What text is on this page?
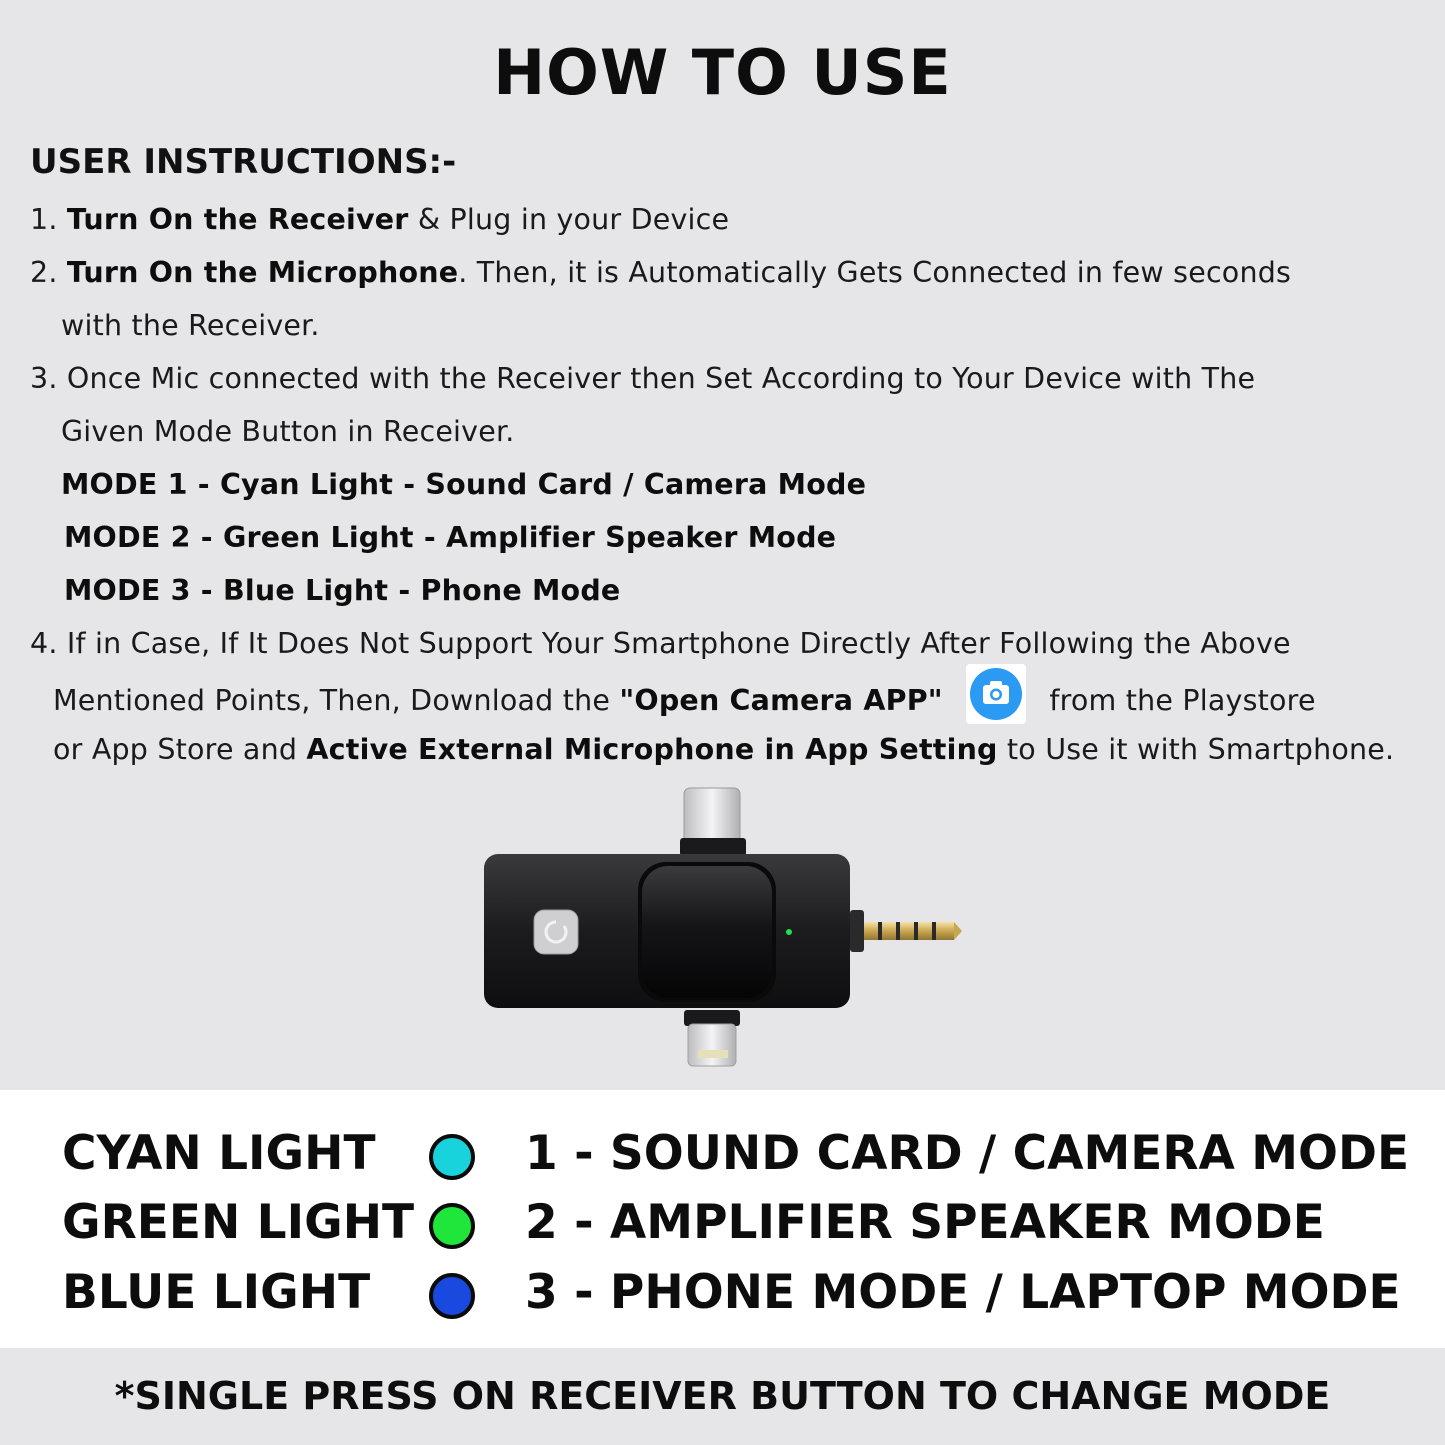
HOW TO USE
USER INSTRUCTIONS:-
1. Turn On the Receiver & Plug in your Device
2. Turn On the Microphone. Then, it is Automatically Gets Connected in few seconds
with the Receiver.
3. Once Mic connected with the Receiver then Set According to Your Device with The
Given Mode Button in Receiver.
MODE 1 - Cyan Light - Sound Card / Camera Mode
MODE 2 - Green Light - Amplifier Speaker Mode
MODE 3 - Blue Light - Phone Mode
4. If in Case, If It Does Not Support Your Smartphone Directly After Following the Above
Mentioned Points, Then, Download the "Open Camera APP"	from the Playstore
or App Store and Active External Microphone in App Setting to Use it with Smartphone.
CYAN LIGHT	1 - SOUND CARD / CAMERA MODE
GREEN LIGHT 2 - AMPLIFIER SPEAKER MODE
BLUE LIGHT	3 - PHONE MODE / LAPTOP MODE
*SINGLE PRESS ON RECEIVER BUTTON TO CHANGE MODE
